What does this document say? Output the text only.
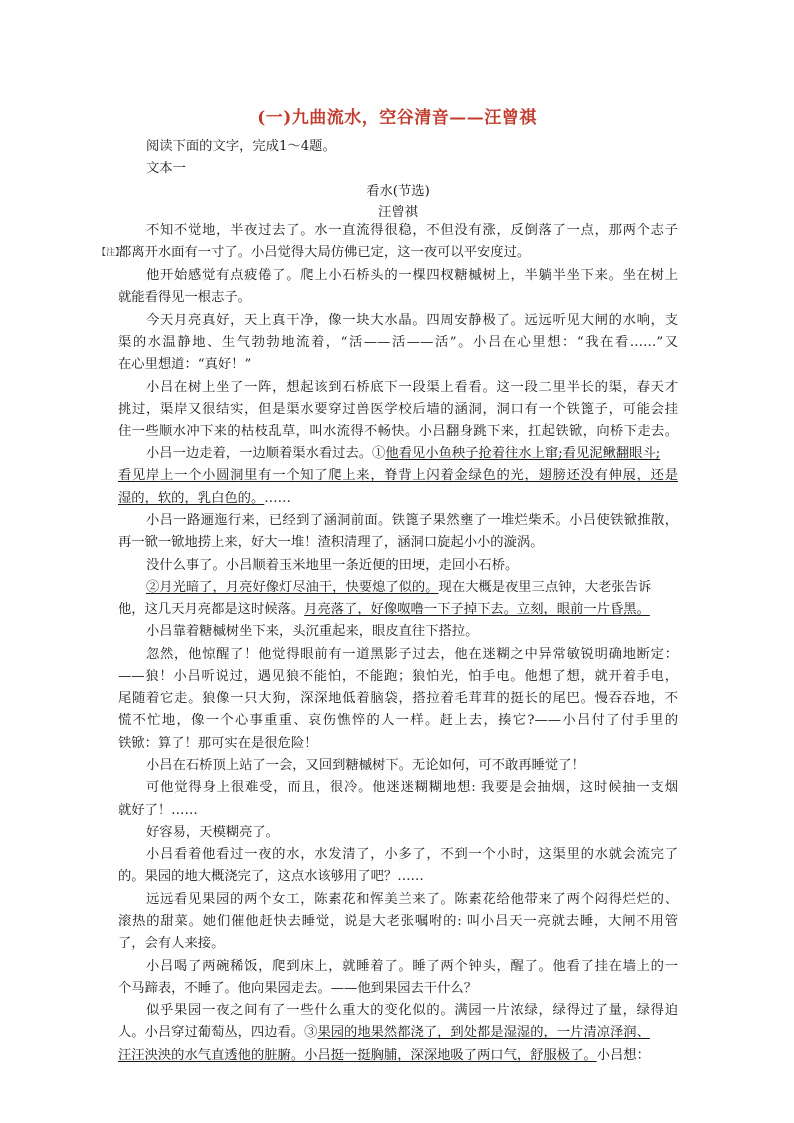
(一)九曲流水，空谷清音——汪曾祺
阅读下面的文字，完成1～4题。
文本一
看水(节选)
汪曾祺
【注】
不知不觉地，半夜过去了。水一直流得很稳，不但没有涨，反倒落了一点，那两个志子
都离开水面有一寸了。小吕觉得大局仿佛已定，这一夜可以平安度过。
他开始感觉有点疲倦了。爬上小石桥头的一棵四杈糖槭树上，半躺半坐下来。坐在树上
就能看得见一根志子。
今天月亮真好，天上真干净，像一块大水晶。四周安静极了。远远听见大闸的水响，支
渠的水温静地、生气勃勃地流着，“活——活——活”。小吕在心里想：“我在看……”又
在心里想道：“真好！”
小吕在树上坐了一阵，想起该到石桥底下一段渠上看看。这一段二里半长的渠，春天才
挑过，渠岸又很结实，但是渠水要穿过兽医学校后墙的涵洞，洞口有一个铁篦子，可能会挂
住一些顺水冲下来的枯枝乱草，叫水流得不畅快。小吕翻身跳下来，扛起铁锨，向桥下走去。
小吕一边走着，一边顺着渠水看过去。①他看见小鱼秧子抢着往水上窜;看见泥鳅翻眼斗;
看见岸上一个小圆洞里有一个知了爬上来，脊背上闪着金绿色的光，翅膀还没有伸展，还是
湿的，软的，乳白色的。……
小吕一路逦迤行来，已经到了涵洞前面。铁篦子果然壅了一堆烂柴禾。小吕使铁锨推散，
再一锨一锨地捞上来，好大一堆！渣积清理了，涵洞口旋起小小的漩涡。
没什么事了。小吕顺着玉米地里一条近便的田埂，走回小石桥。
②月光暗了，月亮好像灯尽油干，快要熄了似的。现在大概是夜里三点钟，大老张告诉
他，这几天月亮都是这时候落。月亮落了，好像呶噜一下子掉下去。立刻，眼前一片昏黑。
小吕靠着糖槭树坐下来，头沉重起来，眼皮直往下搭拉。
忽然，他惊醒了！他觉得眼前有一道黑影子过去，他在迷糊之中异常敏锐明确地断定：
——狼！小吕听说过，遇见狼不能怕，不能跑；狼怕光，怕手电。他想了想，就开着手电，
尾随着它走。狼像一只大狗，深深地低着脑袋，搭拉着毛茸茸的挺长的尾巴。慢吞吞地，不
慌不忙地，像一个心事重重、哀伤憔悴的人一样。赶上去，揍它?——小吕付了付手里的
铁锨：算了！那可实在是很危险！
小吕在石桥顶上站了一会，又回到糖槭树下。无论如何，可不敢再睡觉了！
可他觉得身上很难受，而且，很冷。他迷迷糊糊地想: 我要是会抽烟，这时候抽一支烟
就好了！……
好容易，天模糊亮了。
小吕看着他看过一夜的水，水发清了，小多了，不到一个小时，这渠里的水就会流完了
的。果园的地大概浇完了，这点水该够用了吧？……
远远看见果园的两个女工，陈素花和恽美兰来了。陈素花给他带来了两个闷得烂烂的、
滚热的甜菜。她们催他赶快去睡觉，说是大老张嘱咐的: 叫小吕天一亮就去睡，大闸不用管
了，会有人来接。
小吕喝了两碗稀饭，爬到床上，就睡着了。睡了两个钟头，醒了。他看了挂在墙上的一
个马蹄表，不睡了。他向果园走去。——他到果园去干什么？
似乎果园一夜之间有了一些什么重大的变化似的。满园一片浓绿，绿得过了量，绿得迫
人。小吕穿过葡萄丛，四边看。③果园的地果然都浇了，到处都是湿湿的，一片清凉泽润、
汪汪泱泱的水气直透他的脏腑。小吕挺一挺胸脯，深深地吸了两口气，舒服极了。小吕想：
